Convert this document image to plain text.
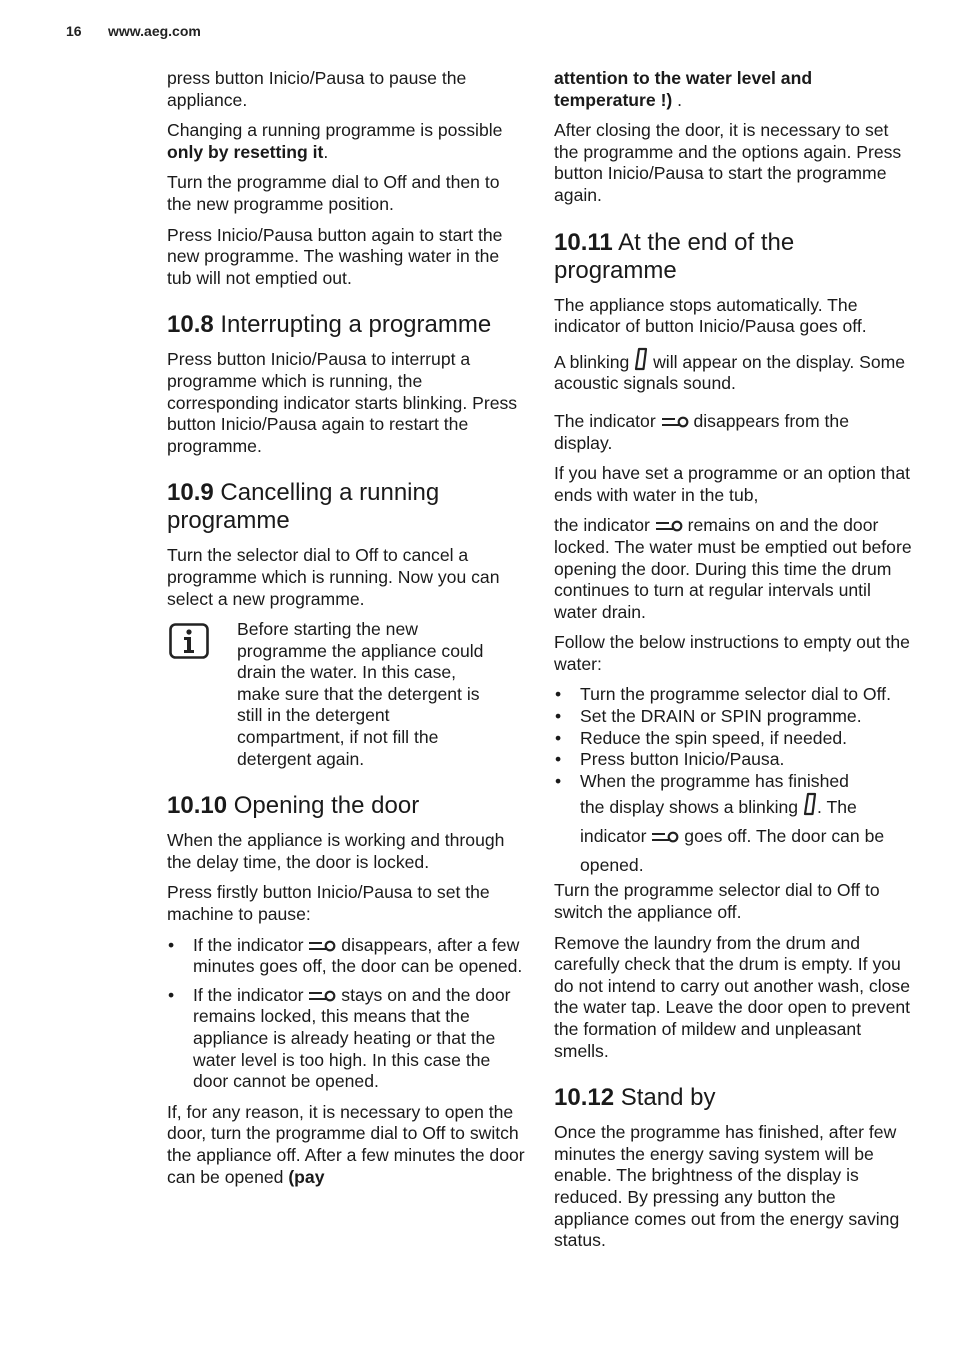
16 www.aeg.com

press button Inicio/Pausa to pause the appliance.

Changing a running programme is possible only by resetting it.

Turn the programme dial to Off and then to the new programme position.

Press Inicio/Pausa button again to start the new programme. The washing water in the tub will not emptied out.

10.8 Interrupting a programme

Press button Inicio/Pausa to interrupt a programme which is running, the corresponding indicator starts blinking. Press button Inicio/Pausa again to restart the programme.

10.9 Cancelling a running programme

Turn the selector dial to Off to cancel a programme which is running. Now you can select a new programme.

Before starting the new programme the appliance could drain the water. In this case, make sure that the detergent is still in the detergent compartment, if not fill the detergent again.
10.10 Opening the door

When the appliance is working and through the delay time, the door is locked.

Press firstly button Inicio/Pausa to set the machine to pause:

• If the indicator  disappears, after a few minutes goes off, the door can be opened.
• If the indicator  stays on and the door remains locked, this means that the appliance is already heating or that the water level is too high. In this case the door cannot be opened.

If, for any reason, it is necessary to open the door, turn the programme dial to Off to switch the appliance off. After a few minutes the door can be opened (pay

attention to the water level and temperature !) .

After closing the door, it is necessary to set the programme and the options again. Press button Inicio/Pausa to start the programme again.

10.11 At the end of the programme

The appliance stops automatically. The indicator of button Inicio/Pausa goes off.

A blinking  will appear on the display. Some acoustic signals sound.

The indicator  disappears from the display.

If you have set a programme or an option that ends with water in the tub,

the indicator  remains on and the door locked. The water must be emptied out before opening the door. During this time the drum continues to turn at regular intervals until water drain.

Follow the below instructions to empty out the water:

• Turn the programme selector dial to Off.
• Set the DRAIN or SPIN programme.
• Reduce the spin speed, if needed.
• Press button Inicio/Pausa.
• When the programme has finished
the display shows a blinking . The
indicator  goes off. The door can be opened.

Turn the programme selector dial to Off to switch the appliance off.

Remove the laundry from the drum and carefully check that the drum is empty. If you do not intend to carry out another wash, close the water tap. Leave the door open to prevent the formation of mildew and unpleasant smells.

10.12 Stand by

Once the programme has finished, after few minutes the energy saving system will be enable. The brightness of the display is reduced. By pressing any button the appliance comes out from the energy saving status.
